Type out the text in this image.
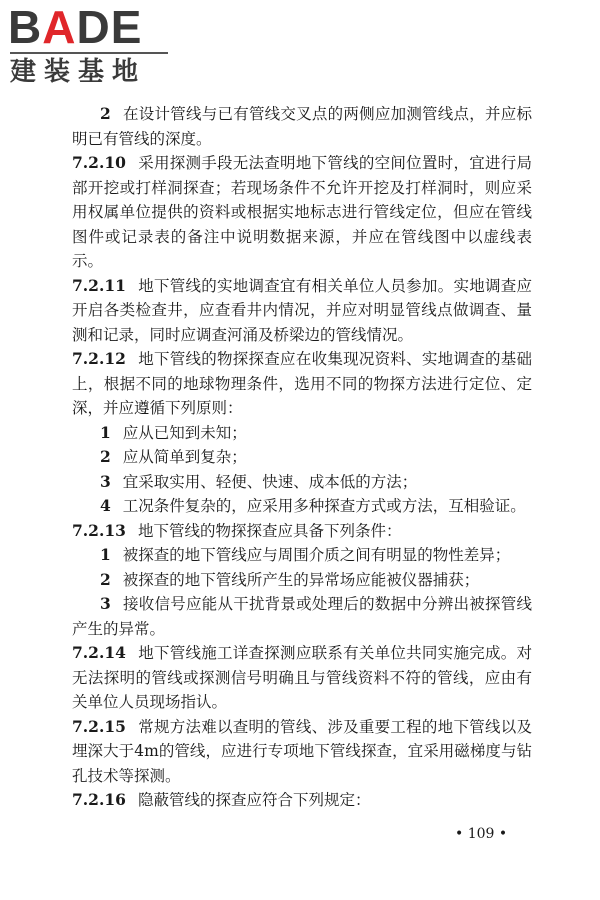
BADE
建装基地

2 在设计管线与已有管线交叉点的两侧应加测管线点，并应标明已有管线的深度。

7.2.10 采用探测手段无法查明地下管线的空间位置时，宜进行局部开挖或打样洞探查；若现场条件不允许开挖及打样洞时，则应采用权属单位提供的资料或根据实地标志进行管线定位，但应在管线图件或记录表的备注中说明数据来源，并应在管线图中以虚线表示。

7.2.11 地下管线的实地调查宜有相关单位人员参加。实地调查应开启各类检查井，应查看井内情况，并应对明显管线点做调查、量测和记录，同时应调查河涌及桥梁边的管线情况。

7.2.12 地下管线的物探探查应在收集现况资料、实地调查的基础上，根据不同的地球物理条件，选用不同的物探方法进行定位、定深，并应遵循下列原则：

1 应从已知到未知；

2 应从简单到复杂；

3 宜采取实用、轻便、快速、成本低的方法；

4 工况条件复杂的，应采用多种探查方式或方法，互相验证。

7.2.13 地下管线的物探探查应具备下列条件：

1 被探查的地下管线应与周围介质之间有明显的物性差异；

2 被探查的地下管线所产生的异常场应能被仪器捕获；

3 接收信号应能从干扰背景或处理后的数据中分辨出被探管线产生的异常。

7.2.14 地下管线施工详查探测应联系有关单位共同实施完成。对无法探明的管线或探测信号明确且与管线资料不符的管线，应由有关单位人员现场指认。

7.2.15 常规方法难以查明的管线、涉及重要工程的地下管线以及埋深大于4m的管线，应进行专项地下管线探查，宜采用磁梯度与钻孔技术等探测。

7.2.16 隐蔽管线的探查应符合下列规定：

• 109 •
